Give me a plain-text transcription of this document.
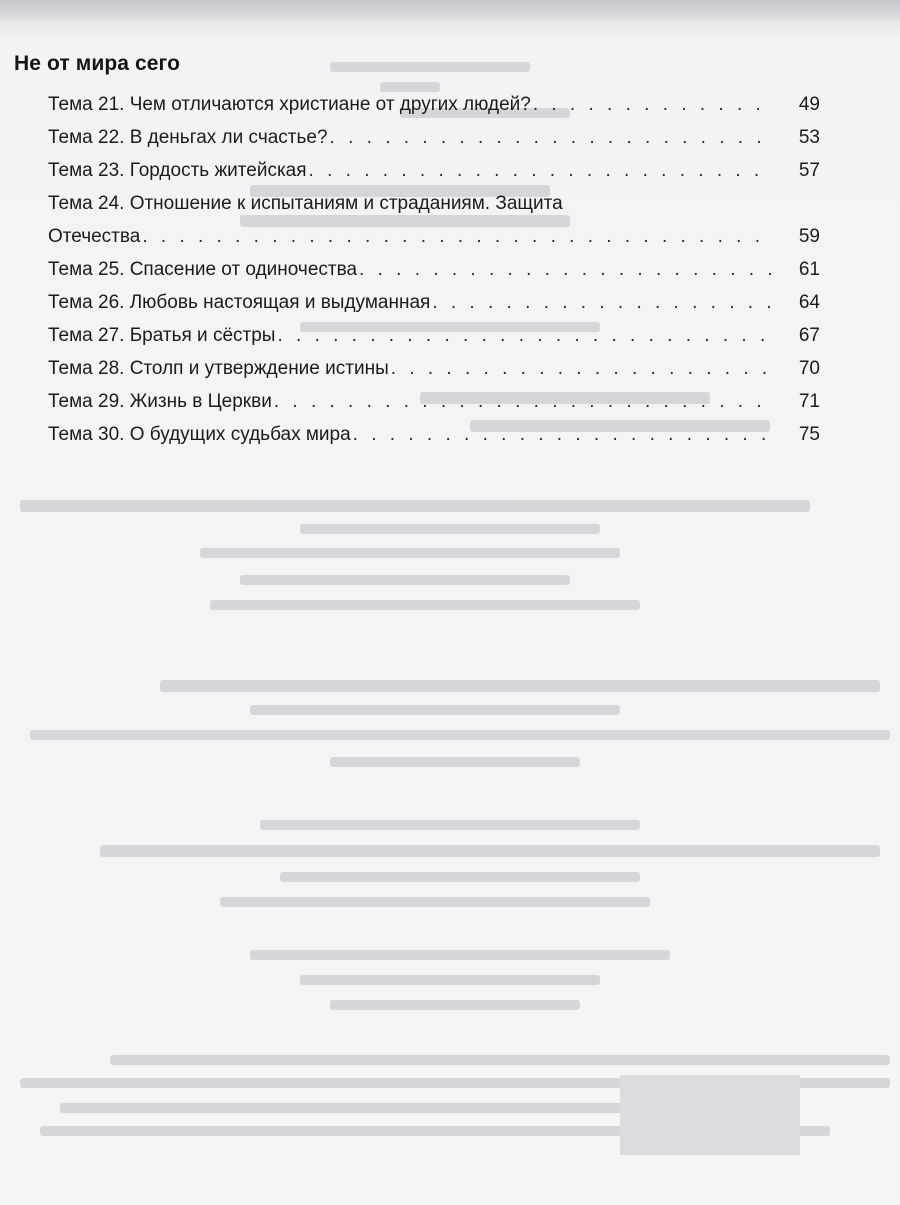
Не от мира сего
Тема 21. Чем отличаются христиане от других людей? . . .	49
Тема 22. В деньгах ли счастье? . . .	53
Тема 23. Гордость житейская . . .	57
Тема 24. Отношение к испытаниям и страданиям. Защита
Отечества . . .	59
Тема 25. Спасение от одиночества . . .	61
Тема 26. Любовь настоящая и выдуманная . . .	64
Тема 27. Братья и сёстры . . .	67
Тема 28. Столп и утверждение истины . . .	70
Тема 29. Жизнь в Церкви . . .	71
Тема 30. О будущих судьбах мира . . .	75
